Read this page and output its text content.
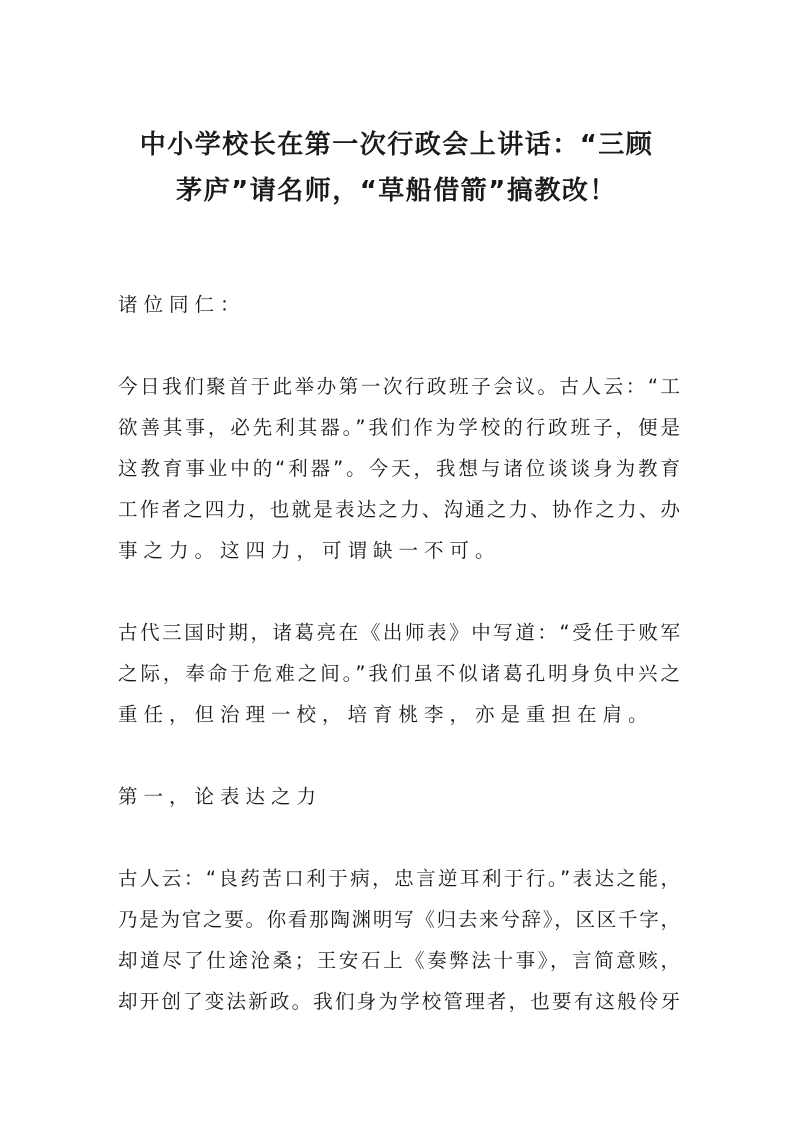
中小学校长在第一次行政会上讲话：“三顾
茅庐”请名师，“草船借箭”搞教改！
诸位同仁：
今日我们聚首于此举办第一次行政班子会议。古人云：“工
欲善其事，必先利其器。”我们作为学校的行政班子，便是
这教育事业中的“利器”。今天，我想与诸位谈谈身为教育
工作者之四力，也就是表达之力、沟通之力、协作之力、办
事之力。这四力，可谓缺一不可。
古代三国时期，诸葛亮在《出师表》中写道：“受任于败军
之际，奉命于危难之间。”我们虽不似诸葛孔明身负中兴之
重任，但治理一校，培育桃李，亦是重担在肩。
第一，论表达之力
古人云：“良药苦口利于病，忠言逆耳利于行。”表达之能，
乃是为官之要。你看那陶渊明写《归去来兮辞》，区区千字，
却道尽了仕途沧桑；王安石上《奏弊法十事》，言简意赅，
却开创了变法新政。我们身为学校管理者，也要有这般伶牙
